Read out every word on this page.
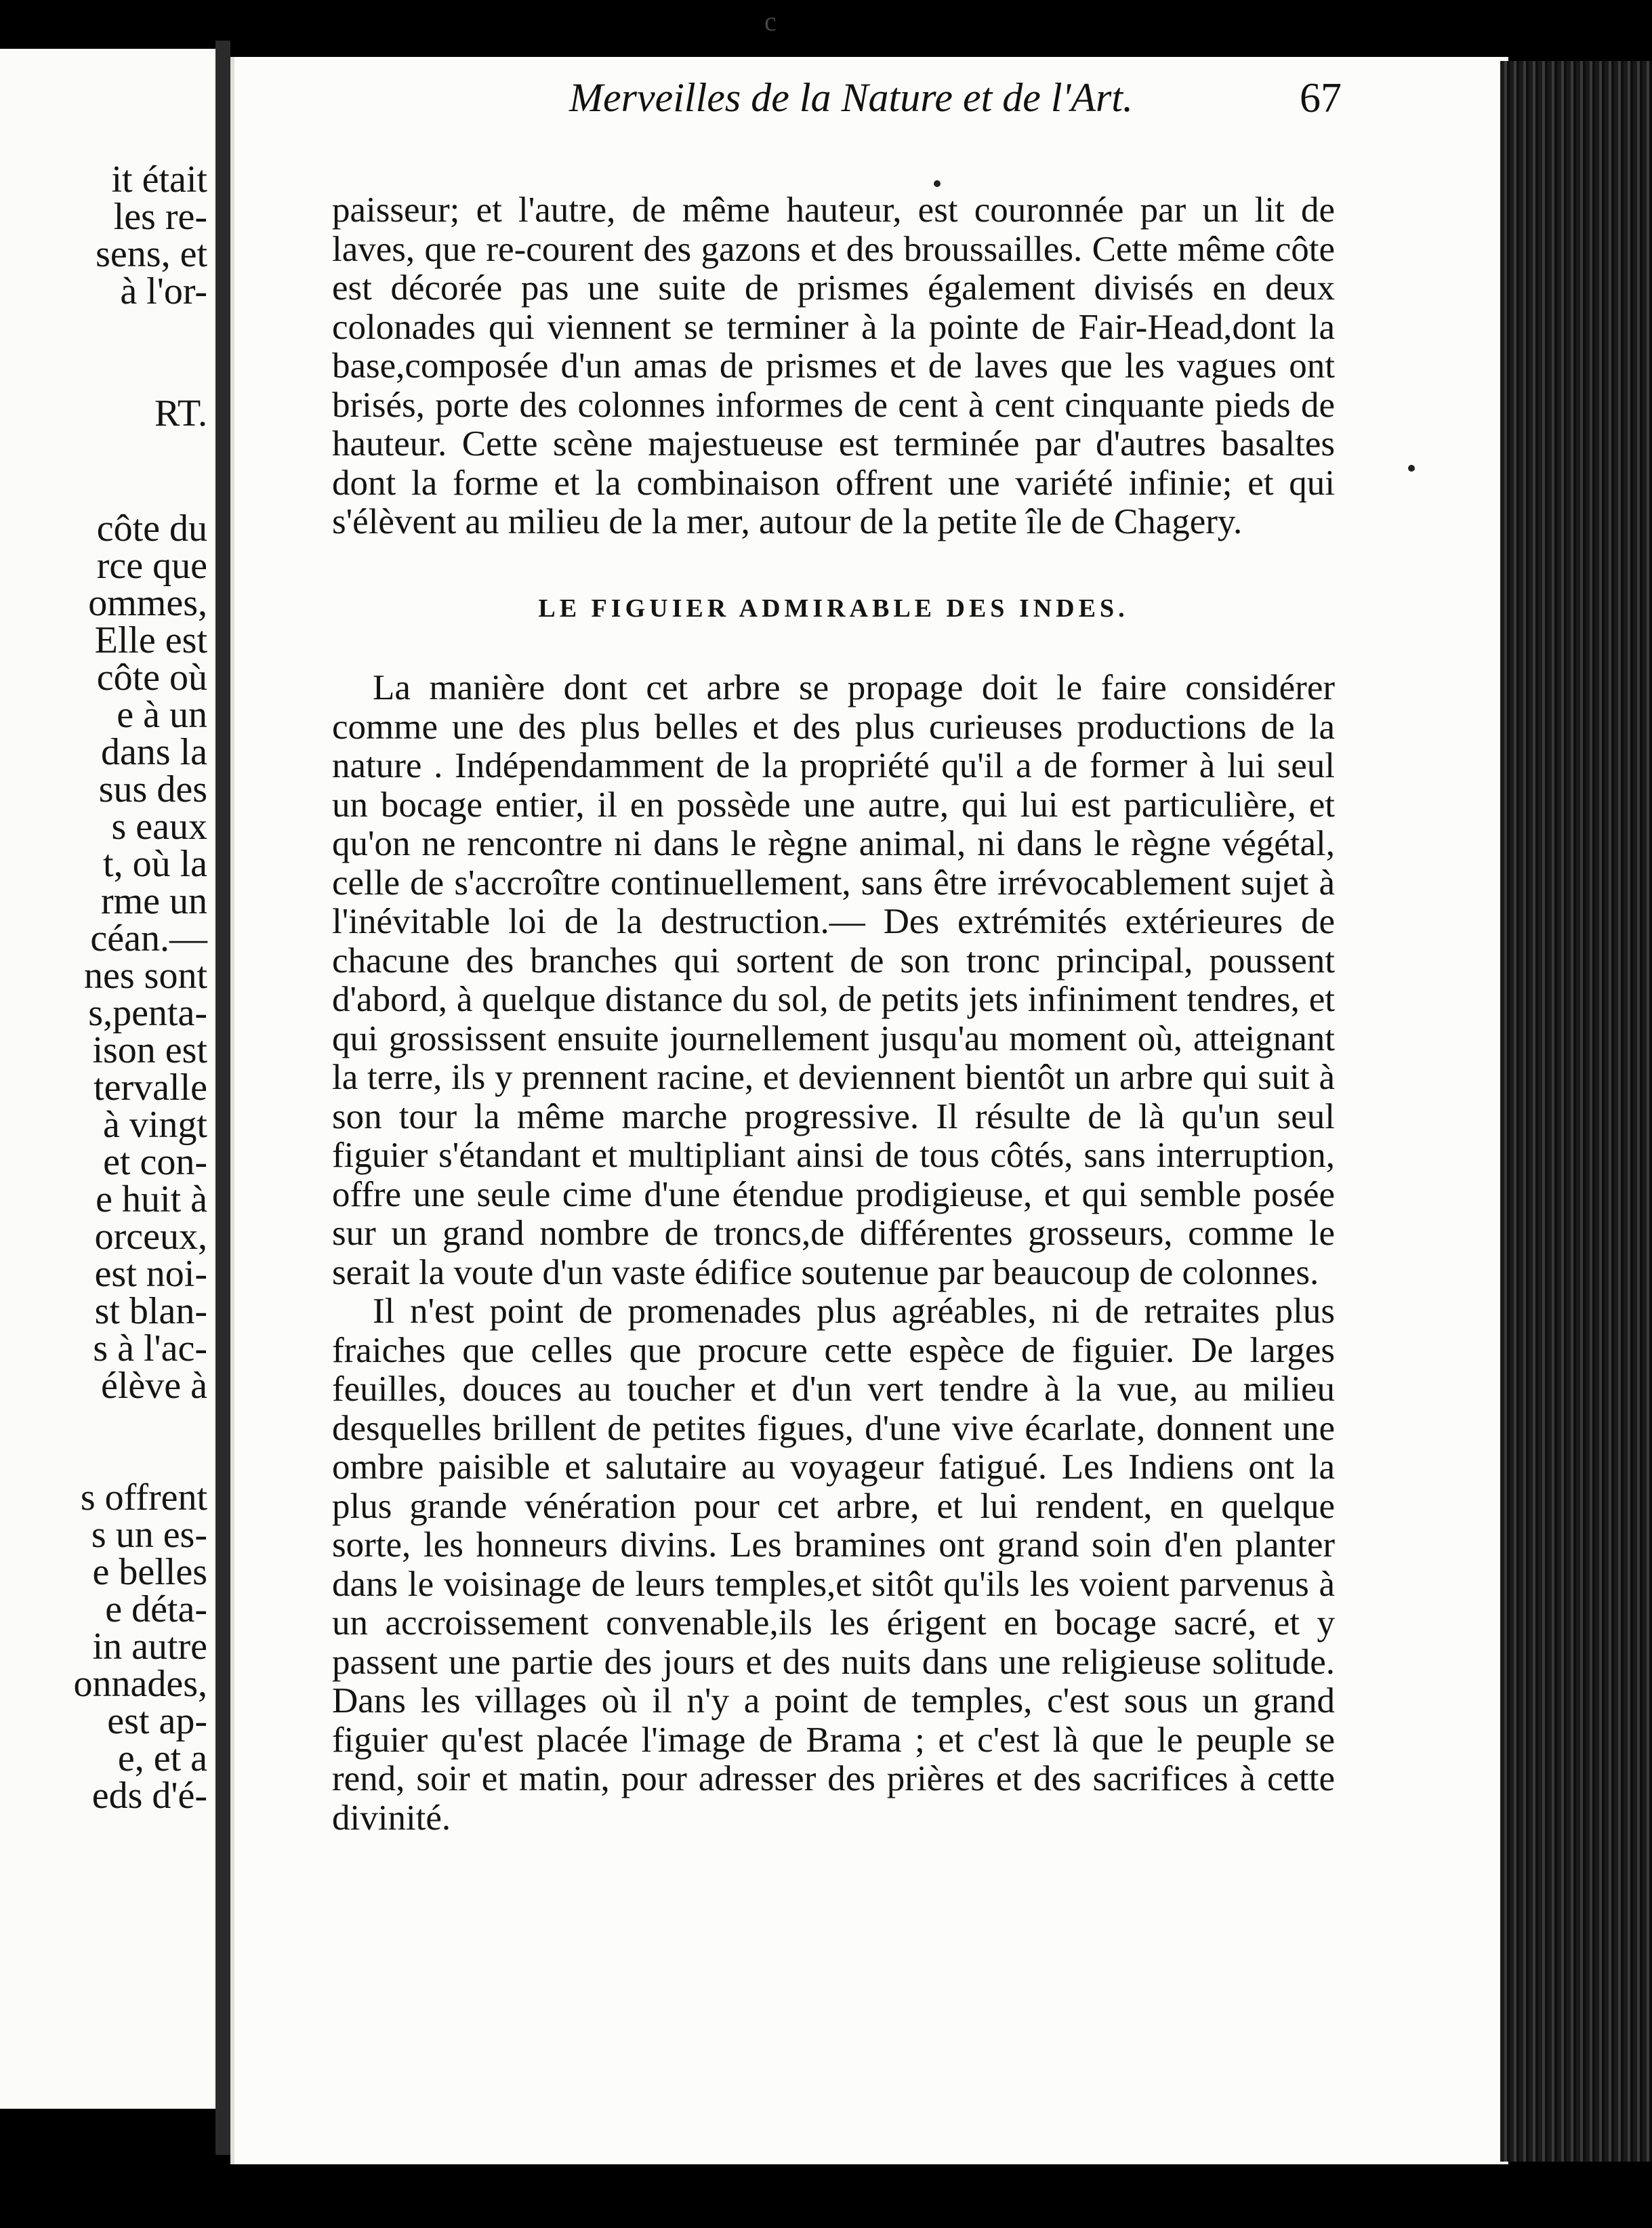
it était
les re-
sens, et
à l'or-
RT.
côte du
rce que
ommes,
Elle est
côte où
e à un
dans la
sus des
s eaux
t, où la
rme un
céan.—
nes sont
s,penta-
ison est
tervalle
à vingt
et con-
e huit à
orceux,
est noi-
st blan-
s à l'ac-
élève à
s offrent
s un es-
e belles
e déta-
in autre
onnades,
est ap-
e, et a
eds d'é-
c
Merveilles de la Nature et de l'Art.	67

paisseur; et l'autre, de même hauteur, est couronnée par un lit de laves, que re-courent des gazons et des broussailles. Cette même côte est décorée pas une suite de prismes également divisés en deux colonades qui viennent se terminer à la pointe de Fair-Head,dont la base,composée d'un amas de prismes et de laves que les vagues ont brisés, porte des colonnes informes de cent à cent cinquante pieds de hauteur. Cette scène majestueuse est terminée par d'autres basaltes dont la forme et la combinaison offrent une variété infinie; et qui s'élèvent au milieu de la mer, autour de la petite île de Chagery.

LE FIGUIER ADMIRABLE DES INDES.

La manière dont cet arbre se propage doit le faire considérer comme une des plus belles et des plus curieuses productions de la nature . Indépendamment de la propriété qu'il a de former à lui seul un bocage entier, il en possède une autre, qui lui est particulière, et qu'on ne rencontre ni dans le règne animal, ni dans le règne végétal, celle de s'accroître continuellement, sans être irrévocablement sujet à l'inévitable loi de la destruction.— Des extrémités extérieures de chacune des branches qui sortent de son tronc principal, poussent d'abord, à quelque distance du sol, de petits jets infiniment tendres, et qui grossissent ensuite journellement jusqu'au moment où, atteignant la terre, ils y prennent racine, et deviennent bientôt un arbre qui suit à son tour la même marche progressive. Il résulte de là qu'un seul figuier s'étandant et multipliant ainsi de tous côtés, sans interruption, offre une seule cime d'une étendue prodigieuse, et qui semble posée sur un grand nombre de troncs,de différentes grosseurs, comme le serait la voute d'un vaste édifice soutenue par beaucoup de colonnes.

Il n'est point de promenades plus agréables, ni de retraites plus fraiches que celles que procure cette espèce de figuier. De larges feuilles, douces au toucher et d'un vert tendre à la vue, au milieu desquelles brillent de petites figues, d'une vive écarlate, donnent une ombre paisible et salutaire au voyageur fatigué. Les Indiens ont la plus grande vénération pour cet arbre, et lui rendent, en quelque sorte, les honneurs divins. Les bramines ont grand soin d'en planter dans le voisinage de leurs temples,et sitôt qu'ils les voient parvenus à un accroissement convenable,ils les érigent en bocage sacré, et y passent une partie des jours et des nuits dans une religieuse solitude. Dans les villages où il n'y a point de temples, c'est sous un grand figuier qu'est placée l'image de Brama ; et c'est là que le peuple se rend, soir et matin, pour adresser des prières et des sacrifices à cette divinité.
